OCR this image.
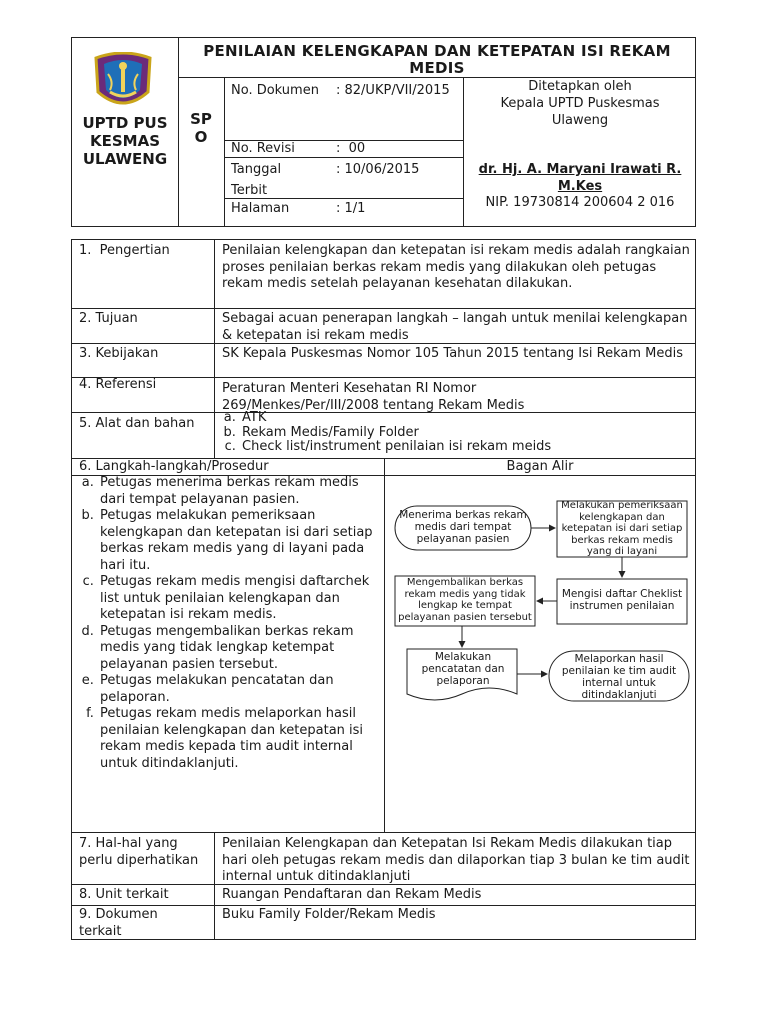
UPTD PUSKESMAS ULAWENG
PENILAIAN KELENGKAPAN DAN KETEPATAN ISI REKAM MEDIS
SPO
No. Dokumen : 82/UKP/VII/2015
No. Revisi	:  00
Tanggal Terbit
: 10/06/2015
Halaman	: 1/1
Ditetapkan oleh
Kepala UPTD Puskesmas Ulaweng
dr. Hj. A. Maryani Irawati R. M.Kes
NIP. 19730814 200604 2 016
1.  Pengertian	Penilaian kelengkapan dan ketepatan isi rekam medis adalah rangkaian proses penilaian berkas rekam medis yang dilakukan oleh petugas rekam medis setelah pelayanan kesehatan dilakukan.
2. Tujuan	Sebagai acuan penerapan langkah – langah untuk menilai kelengkapan & ketepatan isi rekam medis
3. Kebijakan	SK Kepala Puskesmas Nomor 105 Tahun 2015 tentang Isi Rekam Medis
4. Referensi	Peraturan Menteri Kesehatan RI Nomor 269/Menkes/Per/III/2008 tentang Rekam Medis
5. Alat dan bahan
a.	ATK
b. Rekam Medis/Family Folder
c. Check list/instrument penilaian isi rekam meids
6. Langkah-langkah/Prosedur	Bagan Alir
a. Petugas menerima berkas rekam medis dari tempat pelayanan pasien.
b. Petugas melakukan pemeriksaan kelengkapan dan ketepatan isi dari setiap berkas rekam medis yang di layani pada hari itu.
c. Petugas rekam medis mengisi daftarchek list untuk penilaian kelengkapan dan ketepatan isi rekam medis.
d. Petugas mengembalikan berkas rekam medis yang tidak lengkap ketempat pelayanan pasien tersebut.
e. Petugas melakukan pencatatan dan pelaporan.
f. Petugas rekam medis melaporkan hasil penilaian kelengkapan dan ketepatan isi rekam medis kepada tim audit internal untuk ditindaklanjuti.
Menerima berkas rekam medis dari tempat pelayanan pasien
Melakukan pemeriksaan kelengkapan dan ketepatan isi dari setiap berkas rekam medis yang di layani
Mengisi daftar Cheklist instrumen penilaian
Mengembalikan berkas rekam medis yang tidak lengkap ke tempat pelayanan pasien tersebut
Melakukan pencatatan dan pelaporan
Melaporkan hasil penilaian ke tim audit internal untuk ditindaklanjuti
7. Hal-hal yang perlu diperhatikan
Penilaian Kelengkapan dan Ketepatan Isi Rekam Medis dilakukan tiap hari oleh petugas rekam medis dan dilaporkan tiap 3 bulan ke tim audit internal untuk ditindaklanjuti
8. Unit terkait	Ruangan Pendaftaran dan Rekam Medis
9. Dokumen terkait
Buku Family Folder/Rekam Medis
